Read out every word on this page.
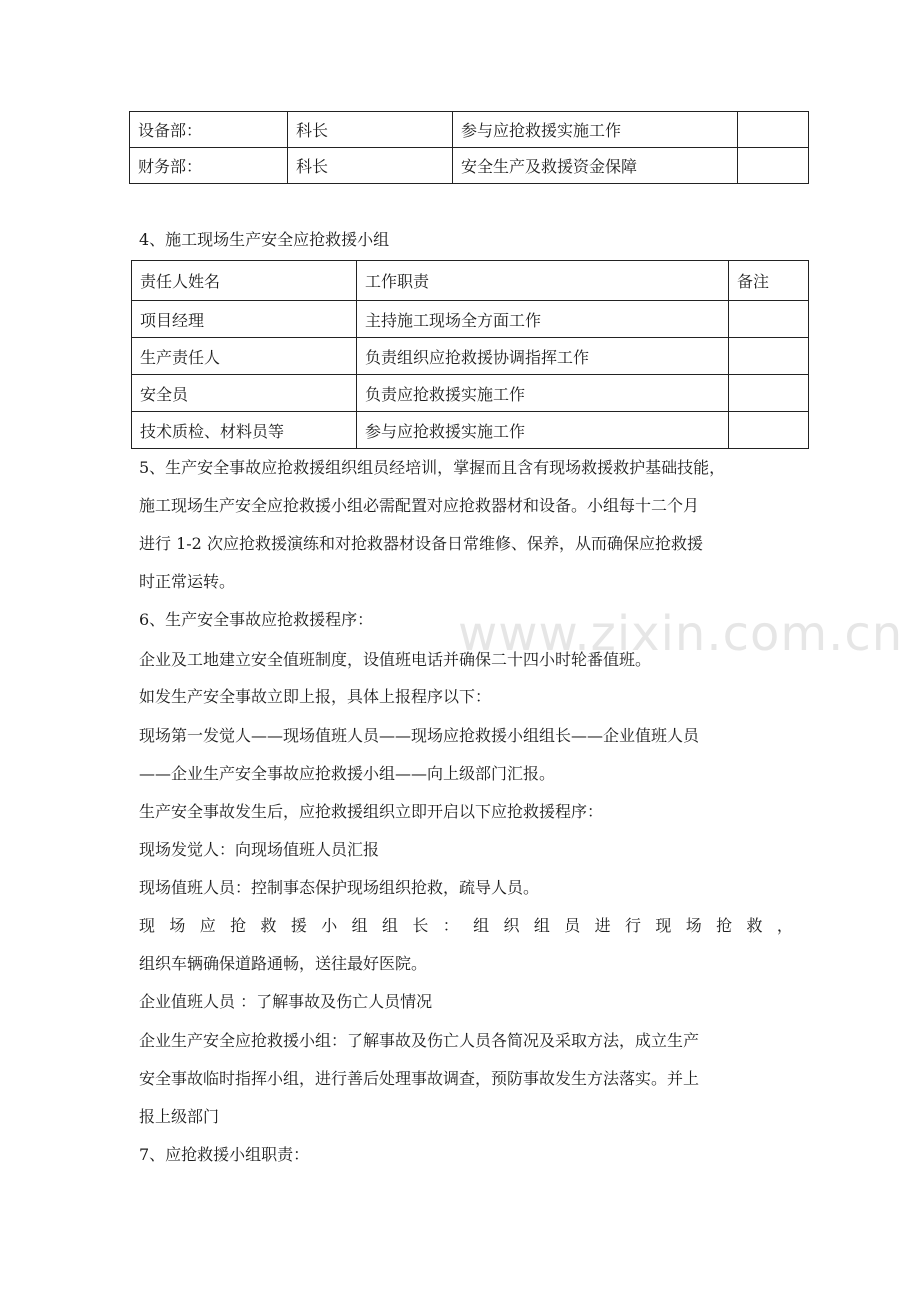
设备部：	科长	参与应抢救援实施工作	
财务部：	科长	安全生产及救援资金保障	
4、施工现场生产安全应抢救援小组
责任人姓名	工作职责	备注
项目经理	主持施工现场全方面工作	
生产责任人	负责组织应抢救援协调指挥工作	
安全员	负责应抢救援实施工作	
技术质检、材料员等	参与应抢救援实施工作	
www.zixin.com.cn
5、生产安全事故应抢救援组织组员经培训，掌握而且含有现场救援救护基础技能，
施工现场生产安全应抢救援小组必需配置对应抢救器材和设备。小组每十二个月
进行 1-2 次应抢救援演练和对抢救器材设备日常维修、保养，从而确保应抢救援
时正常运转。
6、生产安全事故应抢救援程序：
企业及工地建立安全值班制度，设值班电话并确保二十四小时轮番值班。
如发生产安全事故立即上报，具体上报程序以下：
现场第一发觉人——现场值班人员——现场应抢救援小组组长——企业值班人员
——企业生产安全事故应抢救援小组——向上级部门汇报。
生产安全事故发生后，应抢救援组织立即开启以下应抢救援程序：
现场发觉人：向现场值班人员汇报
现场值班人员：控制事态保护现场组织抢救，疏导人员。
现 场 应 抢 救 援 小 组 组 长 ： 组 织 组 员 进 行 现 场 抢 救 ，
组织车辆确保道路通畅，送往最好医院。
企业值班人员 ：了解事故及伤亡人员情况
企业生产安全应抢救援小组：了解事故及伤亡人员各简况及采取方法，成立生产
安全事故临时指挥小组，进行善后处理事故调查，预防事故发生方法落实。并上
报上级部门
7、应抢救援小组职责：
